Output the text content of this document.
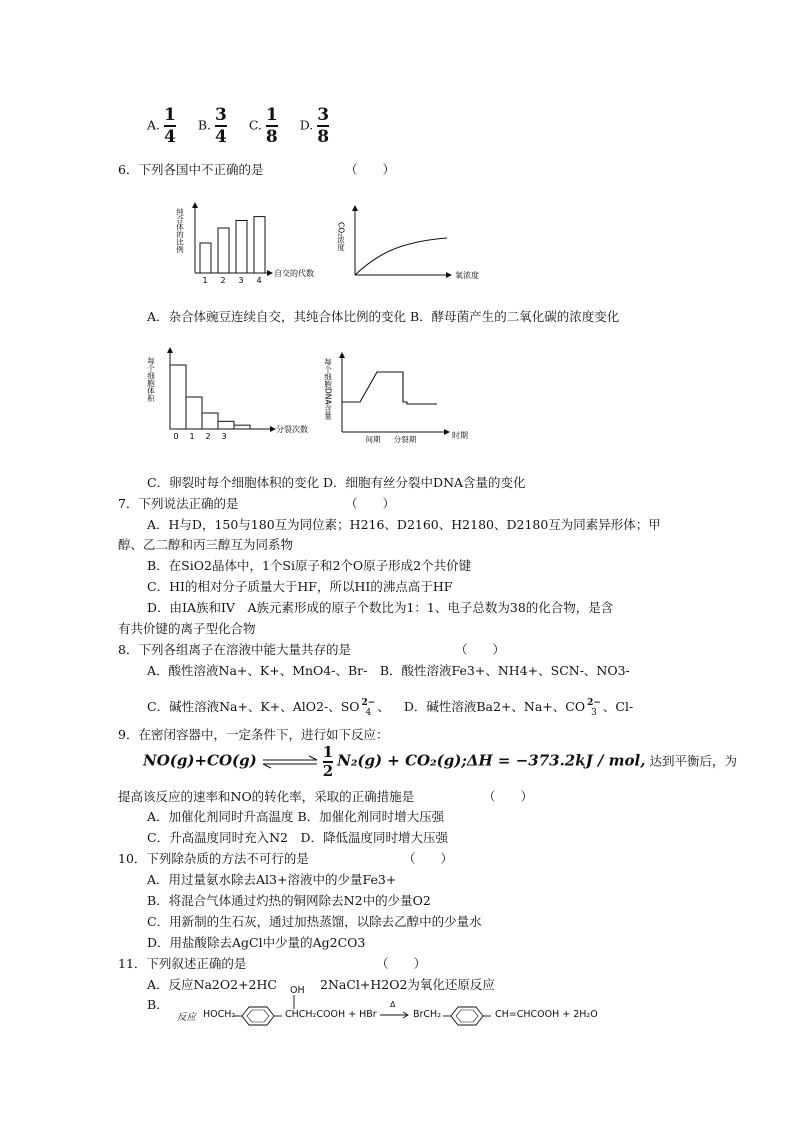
A. $\frac{1}{4} B$. $\frac{3}{4} C$. $\frac{1}{8} D$. $\frac{3}{8}$
6．下列各国中不正确的是	（　　）
纯合体的比例
1 2 3 4
自交的代数
CO₂浓度
氧浓度
A．杂合体豌豆连续自交，其纯合体比例的变化 B．酵母菌产生的二氧化碳的浓度变化
每个细胞体积
0 1 2 3
分裂次数
每个细胞DNA含量
间期 分裂期	时期
C．卵裂时每个细胞体积的变化 D．细胞有丝分裂中DNA含量的变化
7．下列说法正确的是	（　　）
A．H与D，150与180互为同位素；H216、D2160、H2180、D2180互为同素异形体；甲
醇、乙二醇和丙三醇互为同系物
B．在SiO2晶体中，1个Si原子和2个O原子形成2个共价键
C．HI的相对分子质量大于HF，所以HI的沸点高于HF
D．由IA族和IV　A族元素形成的原子个数比为1：1、电子总数为38的化合物，是含
有共价键的离子型化合物
8．下列各组离子在溶液中能大量共存的是	（　　）
A．酸性溶液Na+、K+、MnO4-、Br-　B．酸性溶液Fe3+、NH4+、SCN-、NO3-
C．碱性溶液Na+、K+、AlO2-、SO 2−
4 、 D．碱性溶液Ba2+、Na+、CO 2−
3 、Cl-
9．在密闭容器中，一定条件下，进行如下反应：
NO(g)+CO(g)	$\frac{1}{2} N_2(g)$ + CO₂(g);ΔH = −373.2kJ / mol, 达到平衡后，为
提高该反应的速率和NO的转化率，采取的正确措施是	（　　）
A．加催化剂同时升高温度 B．加催化剂同时增大压强
C．升高温度同时充入N2　D．降低温度同时增大压强
10．下列除杂质的方法不可行的是	（　　）
A．用过量氨水除去Al3+溶液中的少量Fe3+
B．将混合气体通过灼热的铜网除去N2中的少量O2
C．用新制的生石灰，通过加热蒸馏，以除去乙醇中的少量水
D．用盐酸除去AgCl中少量的Ag2CO3
11．下列叙述正确的是	（　　）
A．反应Na2O2+2HC OH 2NaCl+H2O2为氧化还原反应
B．
反应 HOCH₂	CHCH₂COOH + HBr
Δ
→ BrCH₂	CH=CHCOOH + 2H₂O
